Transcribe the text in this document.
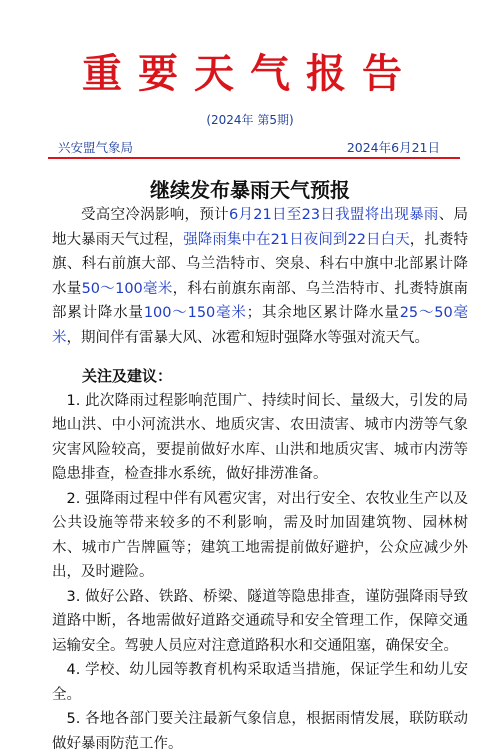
重要天气报告
(2024年 第5期)
兴安盟气象局	2024年6月21日
继续发布暴雨天气预报

受高空冷涡影响，预计6月21日至23日我盟将出现暴雨、局地大暴雨天气过程，强降雨集中在21日夜间到22日白天，扎赉特旗、科右前旗大部、乌兰浩特市、突泉、科右中旗中北部累计降水量50～100毫米，科右前旗东南部、乌兰浩特市、扎赉特旗南部累计降水量100～150毫米；其余地区累计降水量25～50毫米，期间伴有雷暴大风、冰雹和短时强降水等强对流天气。

关注及建议：

1. 此次降雨过程影响范围广、持续时间长、量级大，引发的局地山洪、中小河流洪水、地质灾害、农田渍害、城市内涝等气象灾害风险较高，要提前做好水库、山洪和地质灾害、城市内涝等隐患排查，检查排水系统，做好排涝准备。

2. 强降雨过程中伴有风雹灾害，对出行安全、农牧业生产以及公共设施等带来较多的不利影响，需及时加固建筑物、园林树木、城市广告牌匾等；建筑工地需提前做好避护，公众应减少外出，及时避险。

3. 做好公路、铁路、桥梁、隧道等隐患排查，谨防强降雨导致道路中断，各地需做好道路交通疏导和安全管理工作，保障交通运输安全。驾驶人员应对注意道路积水和交通阻塞，确保安全。

4. 学校、幼儿园等教育机构采取适当措施，保证学生和幼儿安全。

5. 各地各部门要关注最新气象信息，根据雨情发展，联防联动做好暴雨防范工作。
